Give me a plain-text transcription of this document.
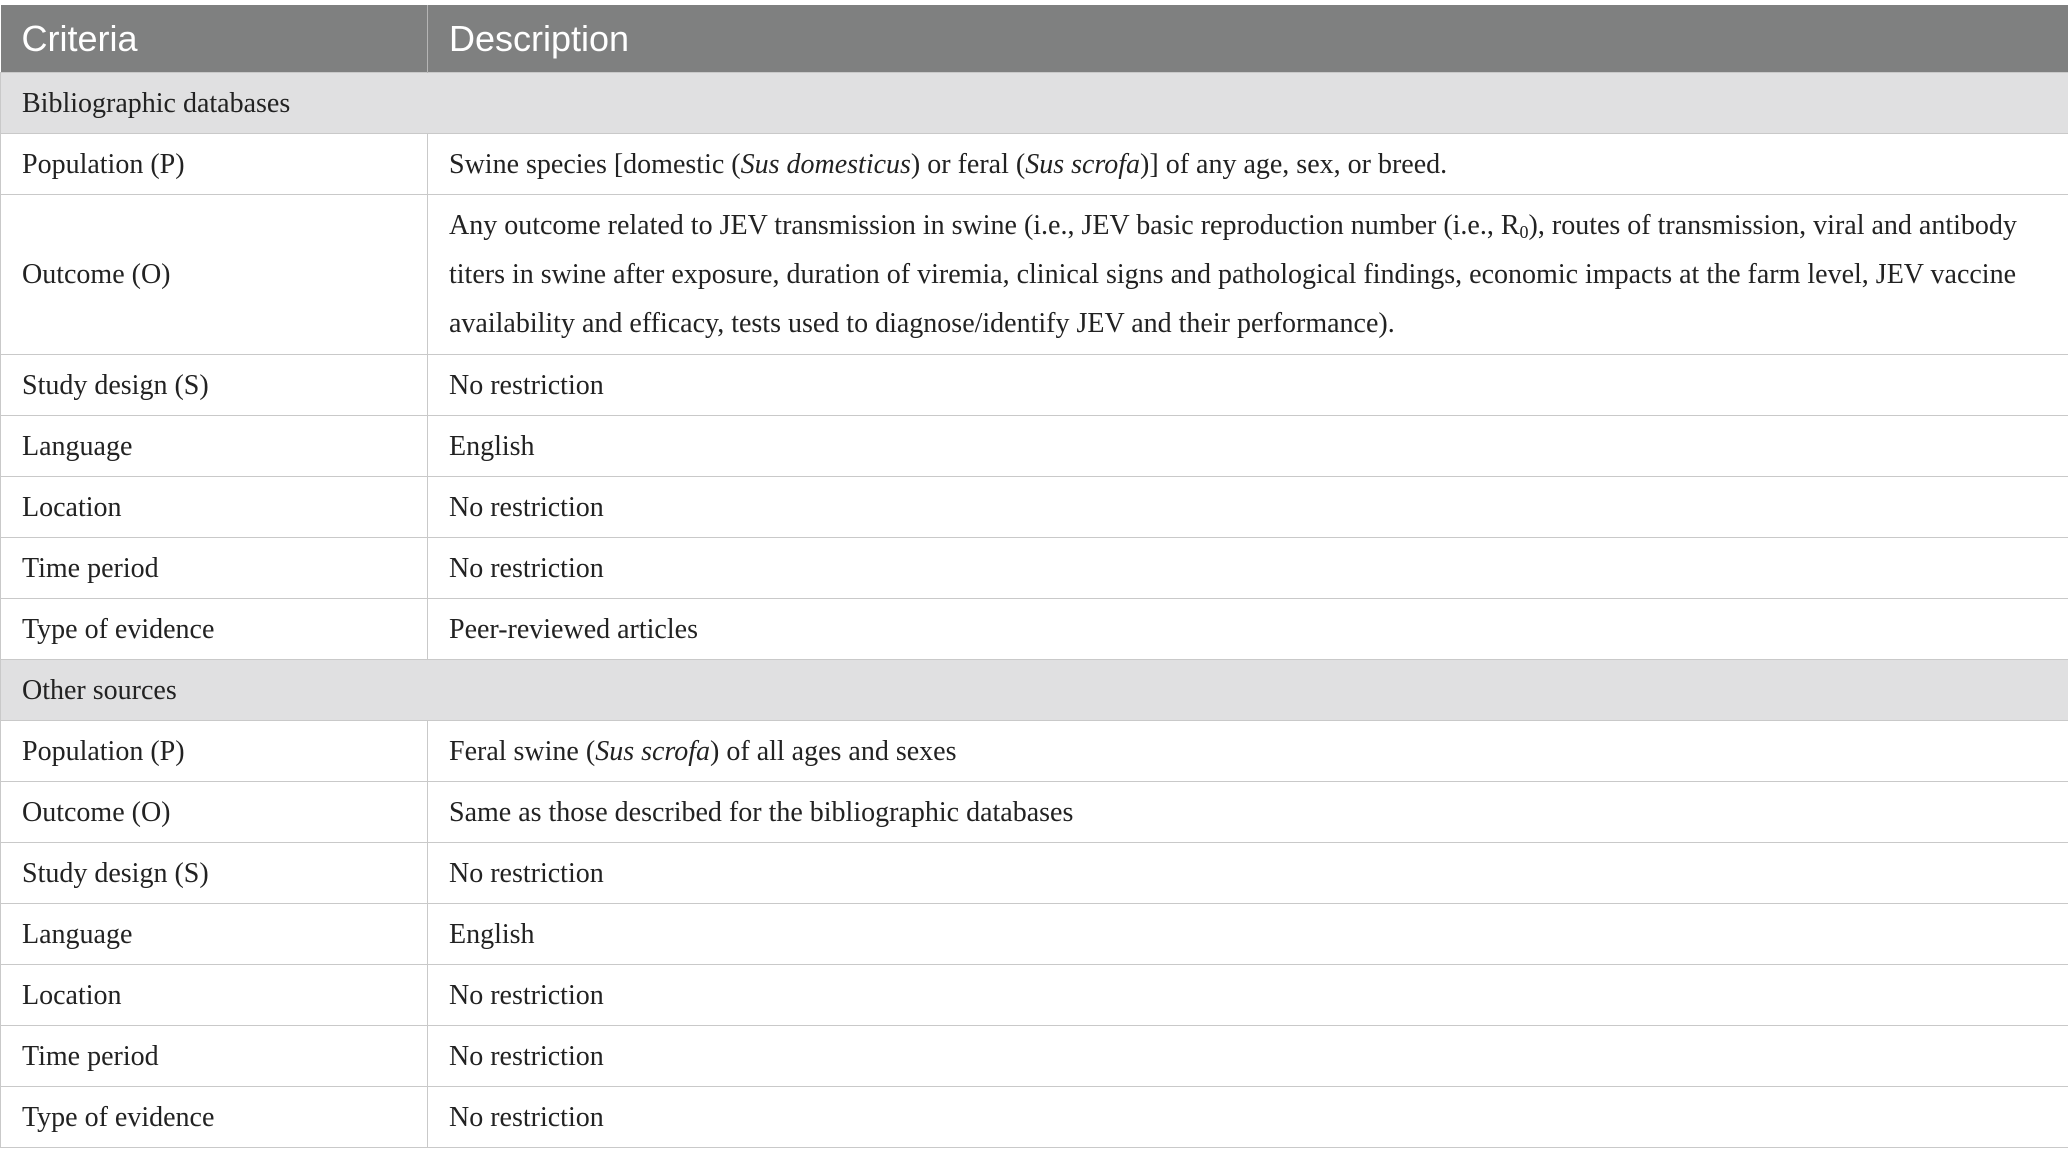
Criteria	Description
Bibliographic databases	
Population (P)	Swine species [domestic (Sus domesticus) or feral (Sus scrofa)] of any age, sex, or breed.
Outcome (O)	Any outcome related to JEV transmission in swine (i.e., JEV basic reproduction number (i.e., $R_0$), routes of transmission, viral and antibody titers in swine after exposure, duration of viremia, clinical signs and pathological findings, economic impacts at the farm level, JEV vaccine availability and efficacy, tests used to diagnose/identify JEV and their performance).
Study design (S)	No restriction
Language	English
Location	No restriction
Time period	No restriction
Type of evidence	Peer-reviewed articles
Other sources	
Population (P)	Feral swine (Sus scrofa) of all ages and sexes
Outcome (O)	Same as those described for the bibliographic databases
Study design (S)	No restriction
Language	English
Location	No restriction
Time period	No restriction
Type of evidence	No restriction
